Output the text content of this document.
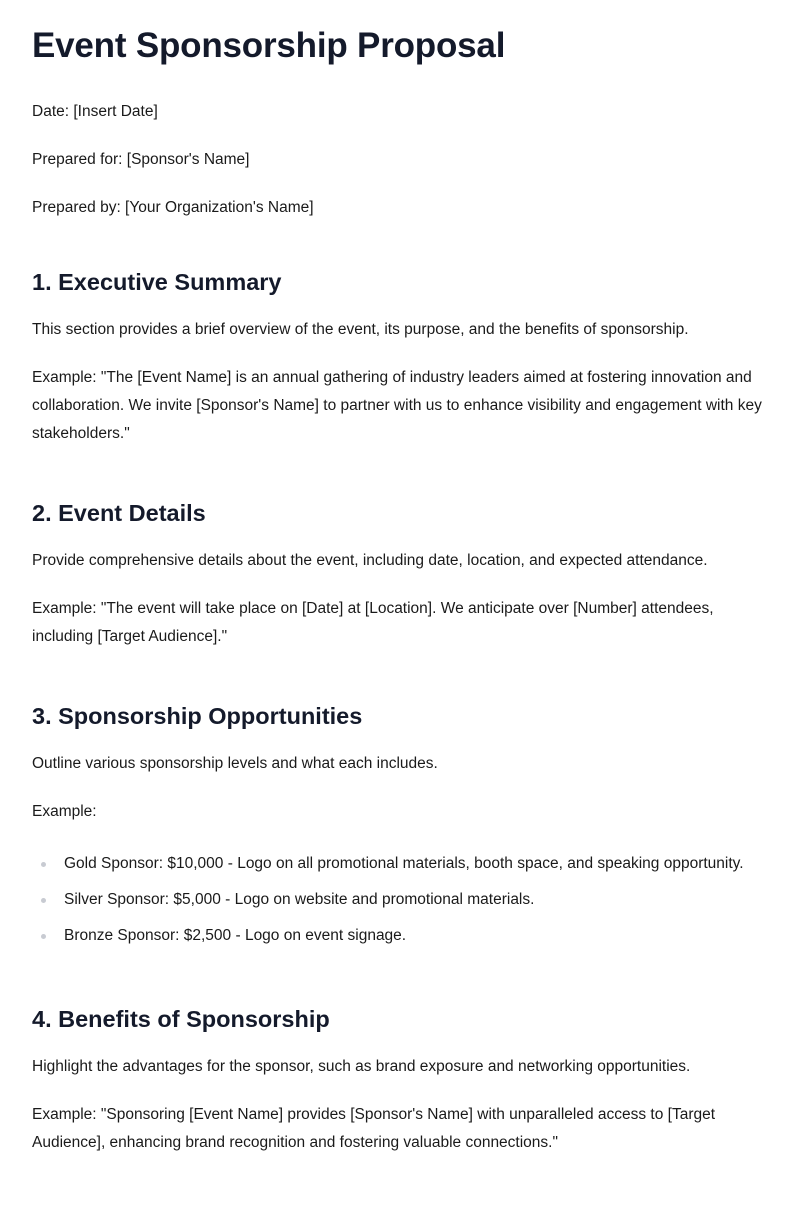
Event Sponsorship Proposal
Date: [Insert Date]
Prepared for: [Sponsor's Name]
Prepared by: [Your Organization's Name]
1. Executive Summary

This section provides a brief overview of the event, its purpose, and the benefits of sponsorship.

Example: "The [Event Name] is an annual gathering of industry leaders aimed at fostering innovation and collaboration. We invite [Sponsor's Name] to partner with us to enhance visibility and engagement with key stakeholders."

2. Event Details

Provide comprehensive details about the event, including date, location, and expected attendance.

Example: "The event will take place on [Date] at [Location]. We anticipate over [Number] attendees, including [Target Audience]."

3. Sponsorship Opportunities

Outline various sponsorship levels and what each includes.

Example:

Gold Sponsor: $10,000 - Logo on all promotional materials, booth space, and speaking opportunity.
Silver Sponsor: $5,000 - Logo on website and promotional materials.
Bronze Sponsor: $2,500 - Logo on event signage.
4. Benefits of Sponsorship

Highlight the advantages for the sponsor, such as brand exposure and networking opportunities.

Example: "Sponsoring [Event Name] provides [Sponsor's Name] with unparalleled access to [Target Audience], enhancing brand recognition and fostering valuable connections."
